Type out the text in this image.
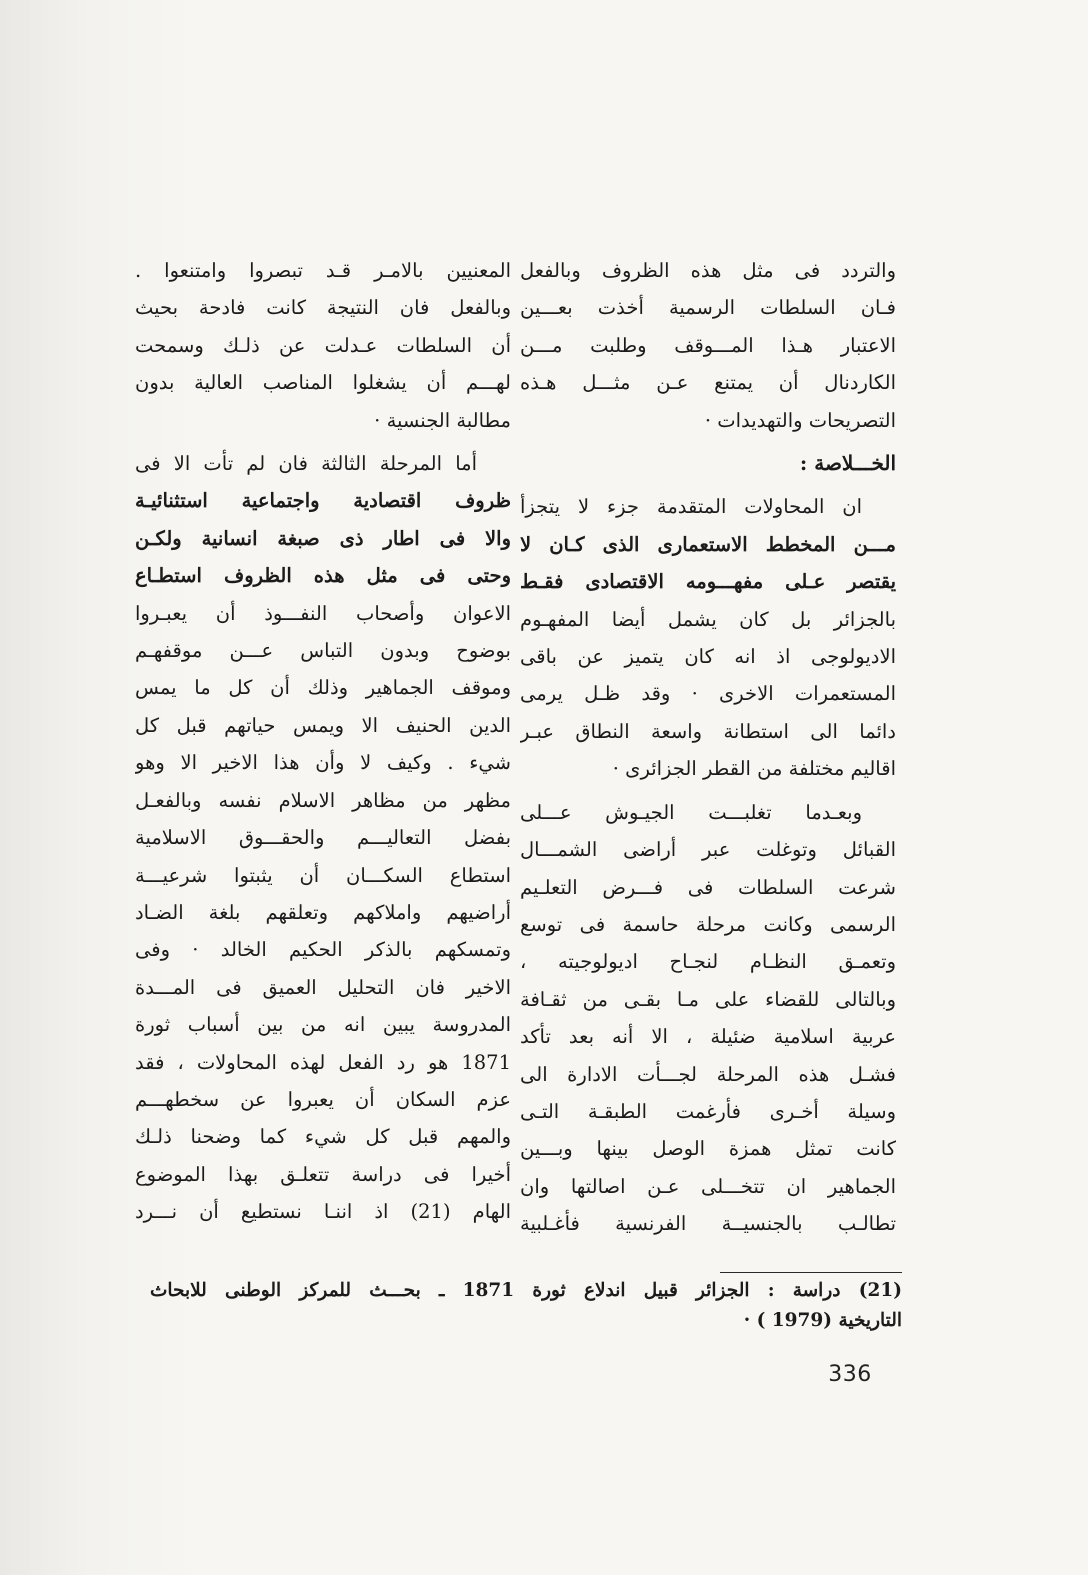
والتردد فى مثل هذه الظروف وبالفعل
فـان السلطات الرسمية أخذت بعـــين
الاعتبار هـذا المـــوقف وطلبت مـــن
الكاردنال أن يمتنع عـن مثـــل هـذه
التصريحات والتهديدات ·
الخـــلاصة :
ان المحاولات المتقدمة جزء لا يتجزأ
مـــن المخطط الاستعمارى الذى كـان لا
يقتصر عـلى مفهـــومه الاقتصادى فقـط
بالجزائر بل كان يشمل أيضا المفهـوم
الاديولوجى اذ انه كان يتميز عن باقى
المستعمرات الاخرى · وقد ظـل يرمى
دائما الى استطانة واسعة النطاق عبـر
اقاليم مختلفة من القطر الجزائرى ·
وبعـدما تغلبـــت الجيـوش عـــلى
القبائل وتوغلت عبر أراضى الشمـــال
شرعت السلطات فى فـــرض التعلـيم
الرسمى وكانت مرحلة حاسمة فى توسع
وتعمـق النظـام لنجـاح اديولوجيته ،
وبالتالى للقضاء على مـا بقـى من ثقـافة
عربية اسلامية ضئيلة ، الا أنه بعد تأكد
فشـل هذه المرحلة لجـــأت الادارة الى
وسيلة أخـرى فأرغمت الطبقـة التـى
كانت تمثل همزة الوصل بينها وبـــين
الجماهير ان تتخـــلى عـن اصالتها وان
تطالـب بالجنسيــة الفرنسية فأغـلبية
المعنيين بالامـر قـد تبصروا وامتنعوا .
وبالفعل فان النتيجة كانت فادحة بحيث
أن السلطات عـدلت عن ذلـك وسمحت
لهـــم أن يشغلوا المناصب العالية بدون
مطالبة الجنسية ·
أما المرحلة الثالثة فان لم تأت الا فى
ظروف اقتصادية واجتماعية استثنائيـة
والا فى اطار ذى صبغة انسانية ولكـن
وحتى فى مثل هذه الظروف استطـاع
الاعوان وأصحاب النفـــوذ أن يعبـروا
بوضوح وبدون التباس عـــن موقفهـم
وموقف الجماهير وذلك أن كل ما يمس
الدين الحنيف الا ويمس حياتهم قبل كل
شيء . وكيف لا وأن هذا الاخير الا وهو
مظهر من مظاهر الاسلام نفسه وبالفعـل
بفضل التعاليـــم والحقـــوق الاسلامية
استطاع السكـــان أن يثبتوا شرعيـــة
أراضيهم واملاكهم وتعلقهم بلغة الضـاد
وتمسكهم بالذكر الحكيم الخالد · وفى
الاخير فان التحليل العميق فى المـــدة
المدروسة يبين انه من بين أسباب ثورة
1871 هو رد الفعل لهذه المحاولات ، فقد
عزم السكان أن يعبروا عن سخطهـــم
والمهم قبل كل شيء كما وضحنا ذلـك
أخيرا فى دراسة تتعلـق بهذا الموضوع
الهام (21) اذ اننـا نستطيع أن نـــرد
(21) دراسة : الجزائر قبيل اندلاع ثورة 1871 ـ بحـــث للمركز الوطنى للابحاث
التاريخية (1979 ) ·
336
